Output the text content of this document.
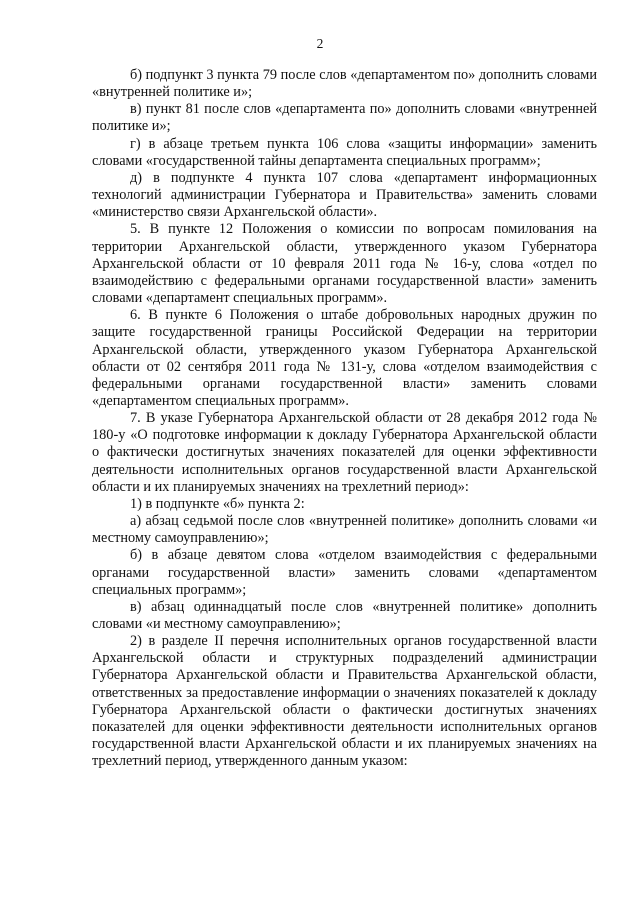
2

б) подпункт 3 пункта 79 после слов «департаментом по» дополнить словами «внутренней политике и»;

в) пункт 81 после слов «департамента по» дополнить словами «внутренней политике и»;

г) в абзаце третьем пункта 106 слова «защиты информации» заменить словами «государственной тайны департамента специальных программ»;

д) в подпункте 4 пункта 107 слова «департамент информационных технологий администрации Губернатора и Правительства» заменить словами «министерство связи Архангельской области».

5. В пункте 12 Положения о комиссии по вопросам помилования на территории Архангельской области, утвержденного указом Губернатора Архангельской области от 10 февраля 2011 года № 16-у, слова «отдел по взаимодействию с федеральными органами государственной власти» заменить словами «департамент специальных программ».

6. В пункте 6 Положения о штабе добровольных народных дружин по защите государственной границы Российской Федерации на территории Архангельской области, утвержденного указом Губернатора Архангельской области от 02 сентября 2011 года № 131-у, слова «отделом взаимодействия с федеральными органами государственной власти» заменить словами «департаментом специальных программ».

7. В указе Губернатора Архангельской области от 28 декабря 2012 года № 180-у «О подготовке информации к докладу Губернатора Архангельской области о фактически достигнутых значениях показателей для оценки эффективности деятельности исполнительных органов государственной власти Архангельской области и их планируемых значениях на трехлетний период»:

1) в подпункте «б» пункта 2:

а) абзац седьмой после слов «внутренней политике» дополнить словами «и местному самоуправлению»;

б) в абзаце девятом слова «отделом взаимодействия с федеральными органами государственной власти» заменить словами «департаментом специальных программ»;

в) абзац одиннадцатый после слов «внутренней политике» дополнить словами «и местному самоуправлению»;

2) в разделе II перечня исполнительных органов государственной власти Архангельской области и структурных подразделений администрации Губернатора Архангельской области и Правительства Архангельской области, ответственных за предоставление информации о значениях показателей к докладу Губернатора Архангельской области о фактически достигнутых значениях показателей для оценки эффективности деятельности исполнительных органов государственной власти Архангельской области и их планируемых значениях на трехлетний период, утвержденного данным указом:
